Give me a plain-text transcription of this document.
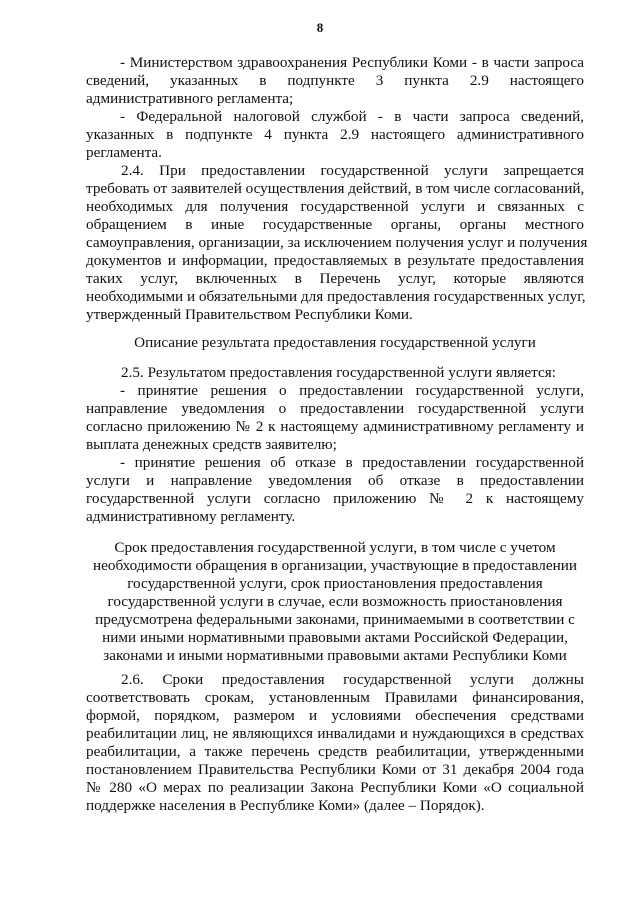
8
- Министерством здравоохранения Республики Коми - в части запроса
сведений, указанных в подпункте 3 пункта 2.9 настоящего
административного регламента;
- Федеральной налоговой службой - в части запроса сведений,
указанных в подпункте 4 пункта 2.9 настоящего административного
регламента.
2.4. При предоставлении государственной услуги запрещается
требовать от заявителей осуществления действий, в том числе согласований,
необходимых для получения государственной услуги и связанных с
обращением в иные государственные органы, органы местного
самоуправления, организации, за исключением получения услуг и получения
документов и информации, предоставляемых в результате предоставления
таких услуг, включенных в Перечень услуг, которые являются
необходимыми и обязательными для предоставления государственных услуг,
утвержденный Правительством Республики Коми.
Описание результата предоставления государственной услуги
2.5. Результатом предоставления государственной услуги является:
- принятие решения о предоставлении государственной услуги,
направление уведомления о предоставлении государственной услуги
согласно приложению № 2 к настоящему административному регламенту и
выплата денежных средств заявителю;
- принятие решения об отказе в предоставлении государственной
услуги и направление уведомления об отказе в предоставлении
государственной услуги согласно приложению № 2 к настоящему
административному регламенту.
Срок предоставления государственной услуги, в том числе с учетом
необходимости обращения в организации, участвующие в предоставлении
государственной услуги, срок приостановления предоставления
государственной услуги в случае, если возможность приостановления
предусмотрена федеральными законами, принимаемыми в соответствии с
ними иными нормативными правовыми актами Российской Федерации,
законами и иными нормативными правовыми актами Республики Коми
2.6. Сроки предоставления государственной услуги должны
соответствовать срокам, установленным Правилами финансирования,
формой, порядком, размером и условиями обеспечения средствами
реабилитации лиц, не являющихся инвалидами и нуждающихся в средствах
реабилитации, а также перечень средств реабилитации, утвержденными
постановлением Правительства Республики Коми от 31 декабря 2004 года
№ 280 «О мерах по реализации Закона Республики Коми «О социальной
поддержке населения в Республике Коми» (далее – Порядок).
